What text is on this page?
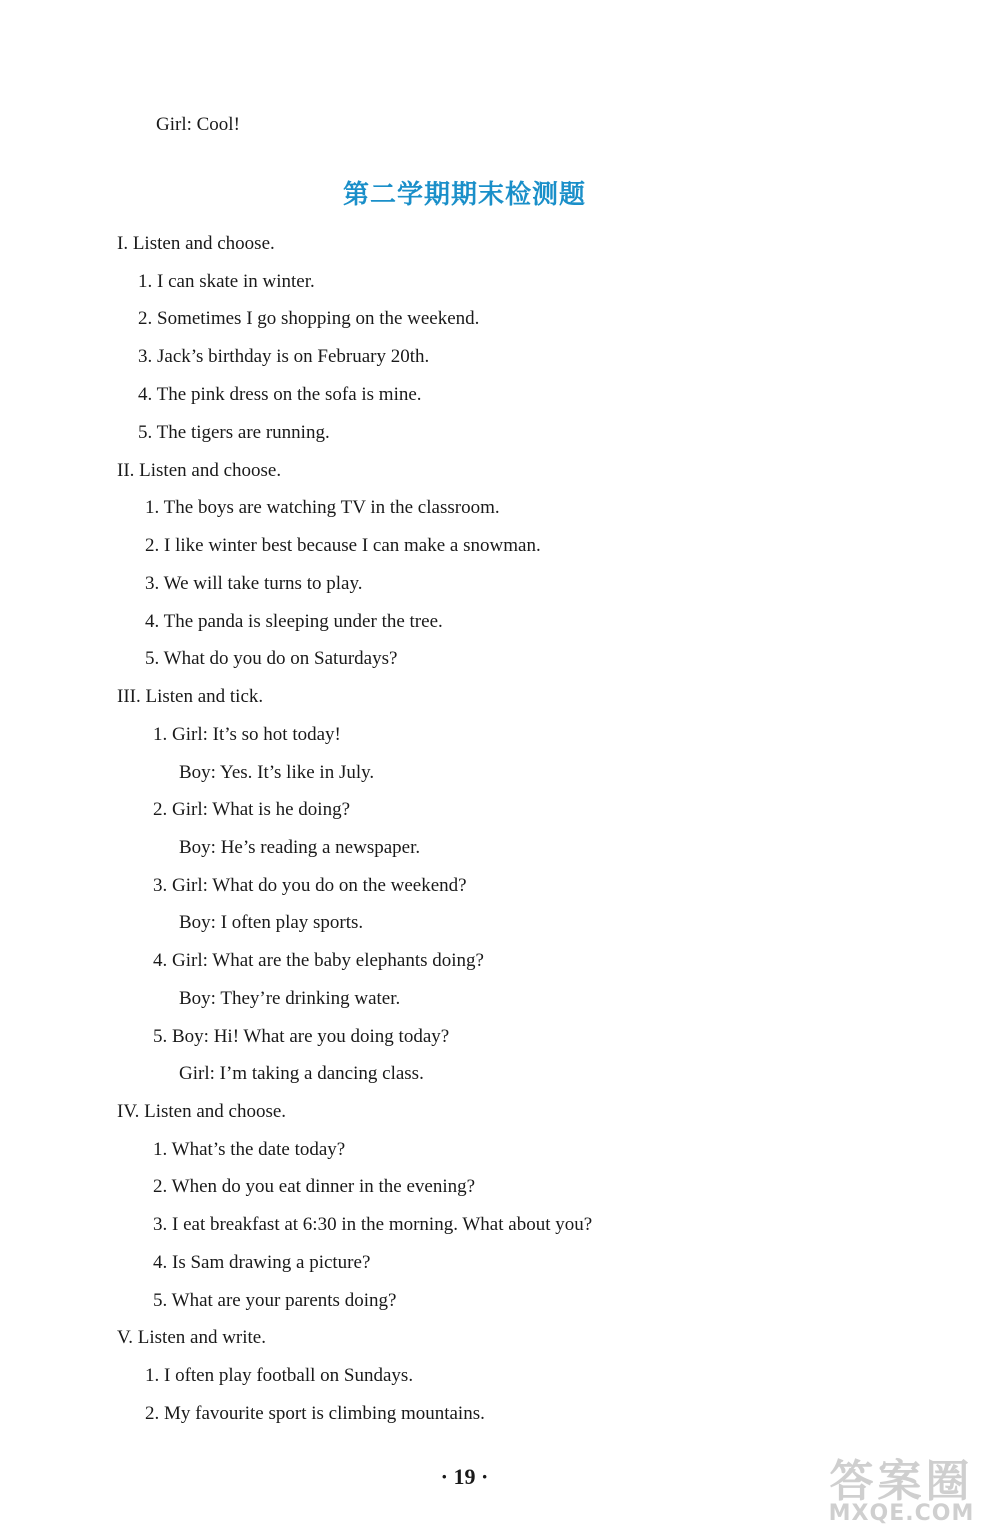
Girl: Cool!
第二学期期末检测题
I. Listen and choose.
1. I can skate in winter.
2. Sometimes I go shopping on the weekend.
3. Jack’s birthday is on February 20th.
4. The pink dress on the sofa is mine.
5. The tigers are running.
II. Listen and choose.
1. The boys are watching TV in the classroom.
2. I like winter best because I can make a snowman.
3. We will take turns to play.
4. The panda is sleeping under the tree.
5. What do you do on Saturdays?
III. Listen and tick.
1. Girl: It’s so hot today!
Boy: Yes. It’s like in July.
2. Girl: What is he doing?
Boy: He’s reading a newspaper.
3. Girl: What do you do on the weekend?
Boy: I often play sports.
4. Girl: What are the baby elephants doing?
Boy: They’re drinking water.
5. Boy: Hi! What are you doing today?
Girl: I’m taking a dancing class.
IV. Listen and choose.
1. What’s the date today?
2. When do you eat dinner in the evening?
3. I eat breakfast at 6:30 in the morning. What about you?
4. Is Sam drawing a picture?
5. What are your parents doing?
V. Listen and write.
1. I often play football on Sundays.
2. My favourite sport is climbing mountains.
· 19 ·	答案圈
MXQE.COM
